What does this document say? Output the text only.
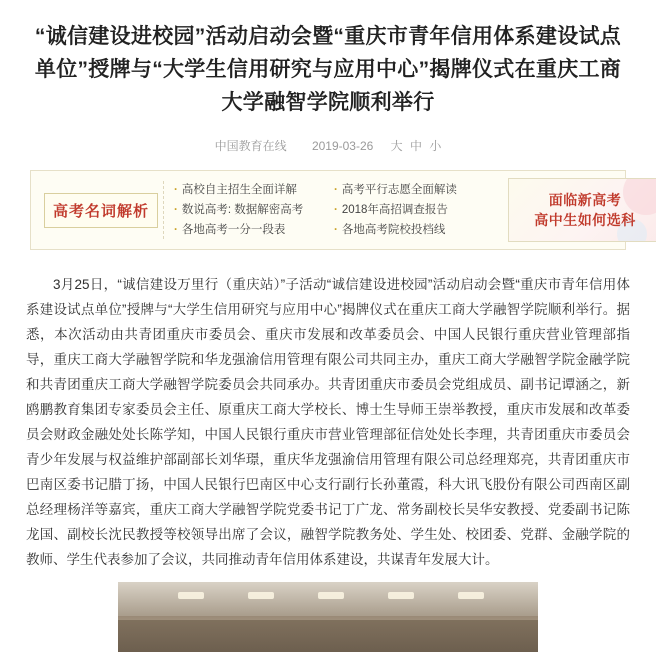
“诚信建设进校园”活动启动会暨“重庆市青年信用体系建设试点单位”授牌与“大学生信用研究与应用中心”揭牌仪式在重庆工商大学融智学院顺利举行
中国教育在线 2019-03-26 大 中 小
高考名词解析
· 高校自主招生全面详解
· 数说高考: 数据解密高考
· 各地高考一分一段表
· 高考平行志愿全面解读
· 2018年高招调查报告
· 各地高考院校投档线
面临新高考
高中生如何选科

3月25日，“诚信建设万里行（重庆站）”子活动“诚信建设进校园”活动启动会暨“重庆市青年信用体系建设试点单位”授牌与“大学生信用研究与应用中心”揭牌仪式在重庆工商大学融智学院顺利举行。据悉，本次活动由共青团重庆市委员会、重庆市发展和改革委员会、中国人民银行重庆营业管理部指导，重庆工商大学融智学院和华龙强渝信用管理有限公司共同主办，重庆工商大学融智学院金融学院和共青团重庆工商大学融智学院委员会共同承办。共青团重庆市委员会党组成员、副书记谭涵之，新鸥鹏教育集团专家委员会主任、原重庆工商大学校长、博士生导师王崇举教授，重庆市发展和改革委员会财政金融处处长陈学知，中国人民银行重庆市营业管理部征信处处长李理，共青团重庆市委员会青少年发展与权益维护部副部长刘华璟，重庆华龙强渝信用管理有限公司总经理郑亮，共青团重庆市巴南区委书记腊丁扬，中国人民银行巴南区中心支行副行长孙董霞，科大讯飞股份有限公司西南区副总经理杨洋等嘉宾，重庆工商大学融智学院党委书记丁广龙、常务副校长吴华安教授、党委副书记陈龙国、副校长沈民教授等校领导出席了会议，融智学院教务处、学生处、校团委、党群、金融学院的教师、学生代表参加了会议，共同推动青年信用体系建设，共谋青年发展大计。
